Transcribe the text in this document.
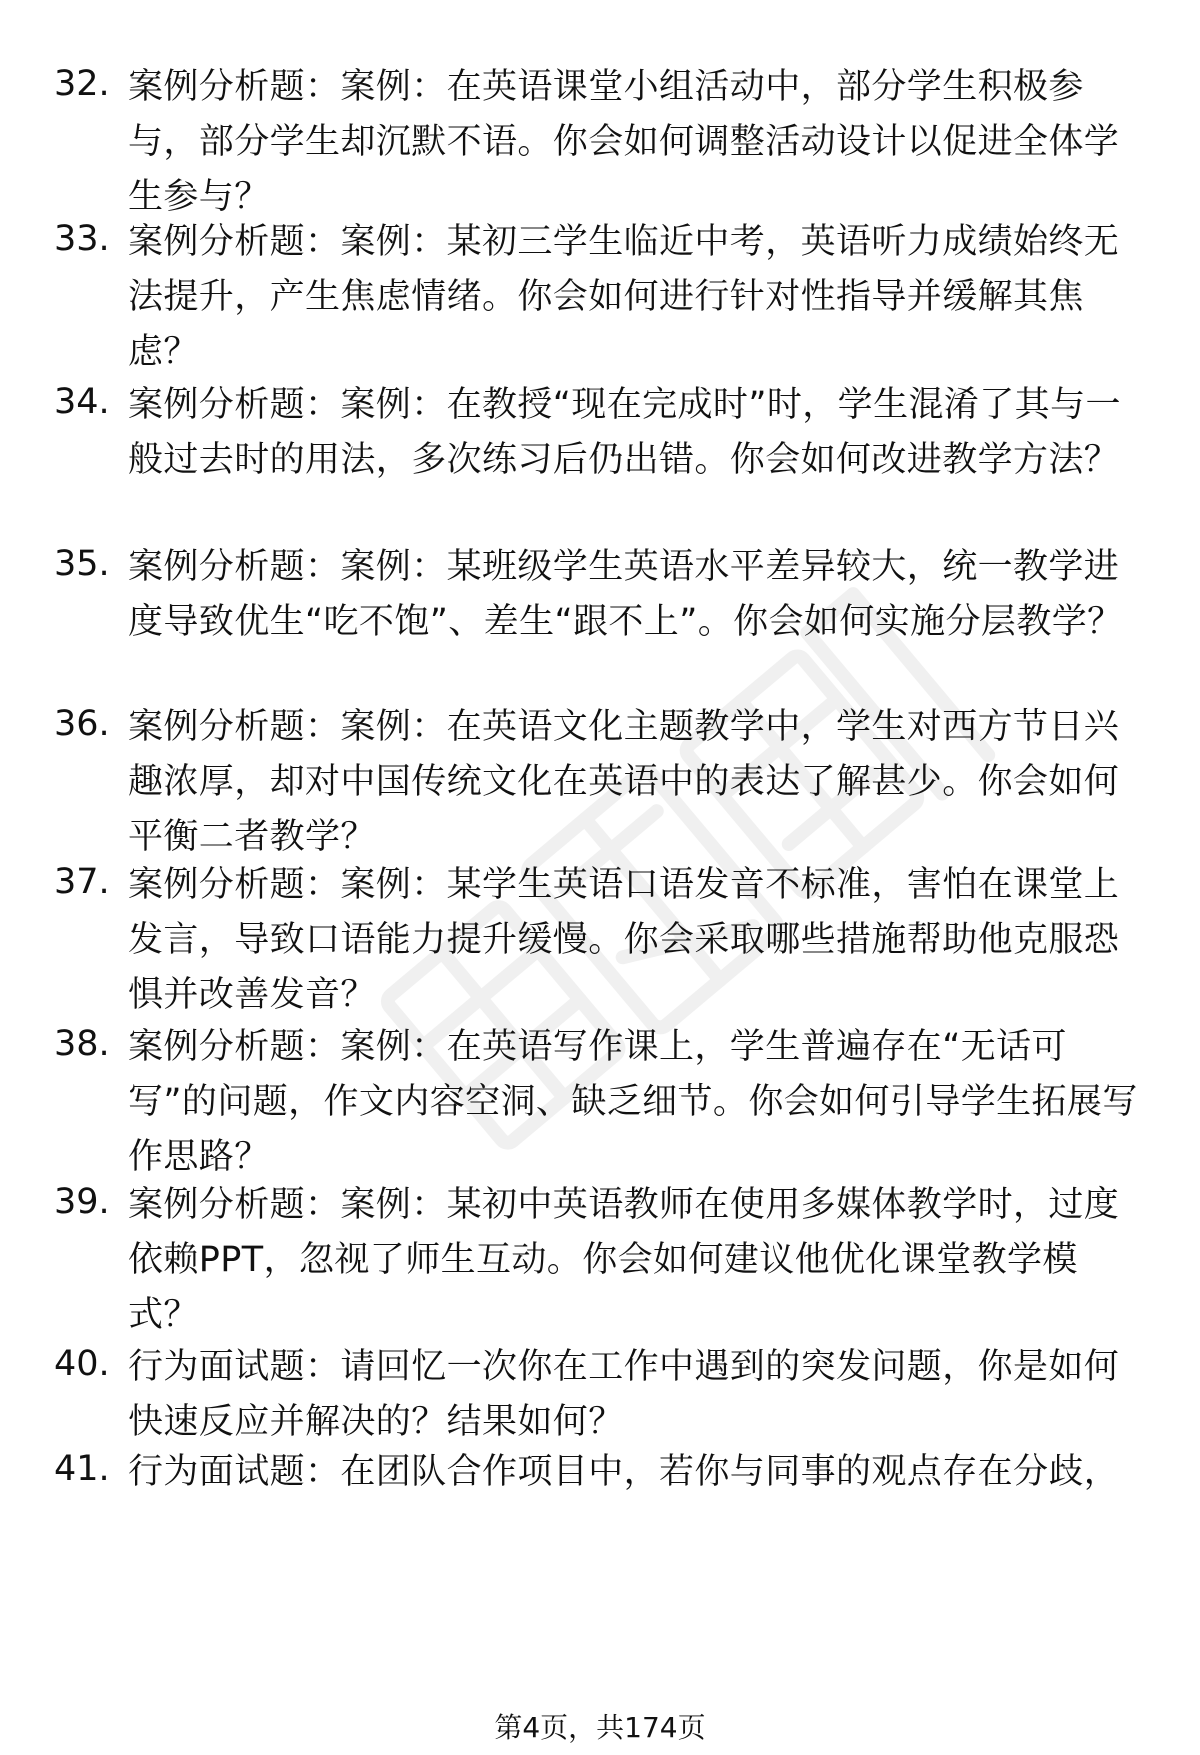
32. 案例分析题：案例：在英语课堂小组活动中，部分学生积极参与，部分学生却沉默不语。你会如何调整活动设计以促进全体学生参与？
33. 案例分析题：案例：某初三学生临近中考，英语听力成绩始终无法提升，产生焦虑情绪。你会如何进行针对性指导并缓解其焦虑？
34. 案例分析题：案例：在教授“现在完成时”时，学生混淆了其与一般过去时的用法，多次练习后仍出错。你会如何改进教学方法？
35. 案例分析题：案例：某班级学生英语水平差异较大，统一教学进度导致优生“吃不饱”、差生“跟不上”。你会如何实施分层教学？
36. 案例分析题：案例：在英语文化主题教学中，学生对西方节日兴趣浓厚，却对中国传统文化在英语中的表达了解甚少。你会如何平衡二者教学？
37. 案例分析题：案例：某学生英语口语发音不标准，害怕在课堂上发言，导致口语能力提升缓慢。你会采取哪些措施帮助他克服恐惧并改善发音？
38. 案例分析题：案例：在英语写作课上，学生普遍存在“无话可写”的问题，作文内容空洞、缺乏细节。你会如何引导学生拓展写作思路？
39. 案例分析题：案例：某初中英语教师在使用多媒体教学时，过度依赖PPT，忽视了师生互动。你会如何建议他优化课堂教学模式？
40. 行为面试题：请回忆一次你在工作中遇到的突发问题，你是如何快速反应并解决的？结果如何？
41. 行为面试题：在团队合作项目中，若你与同事的观点存在分歧，
第4页，共174页
